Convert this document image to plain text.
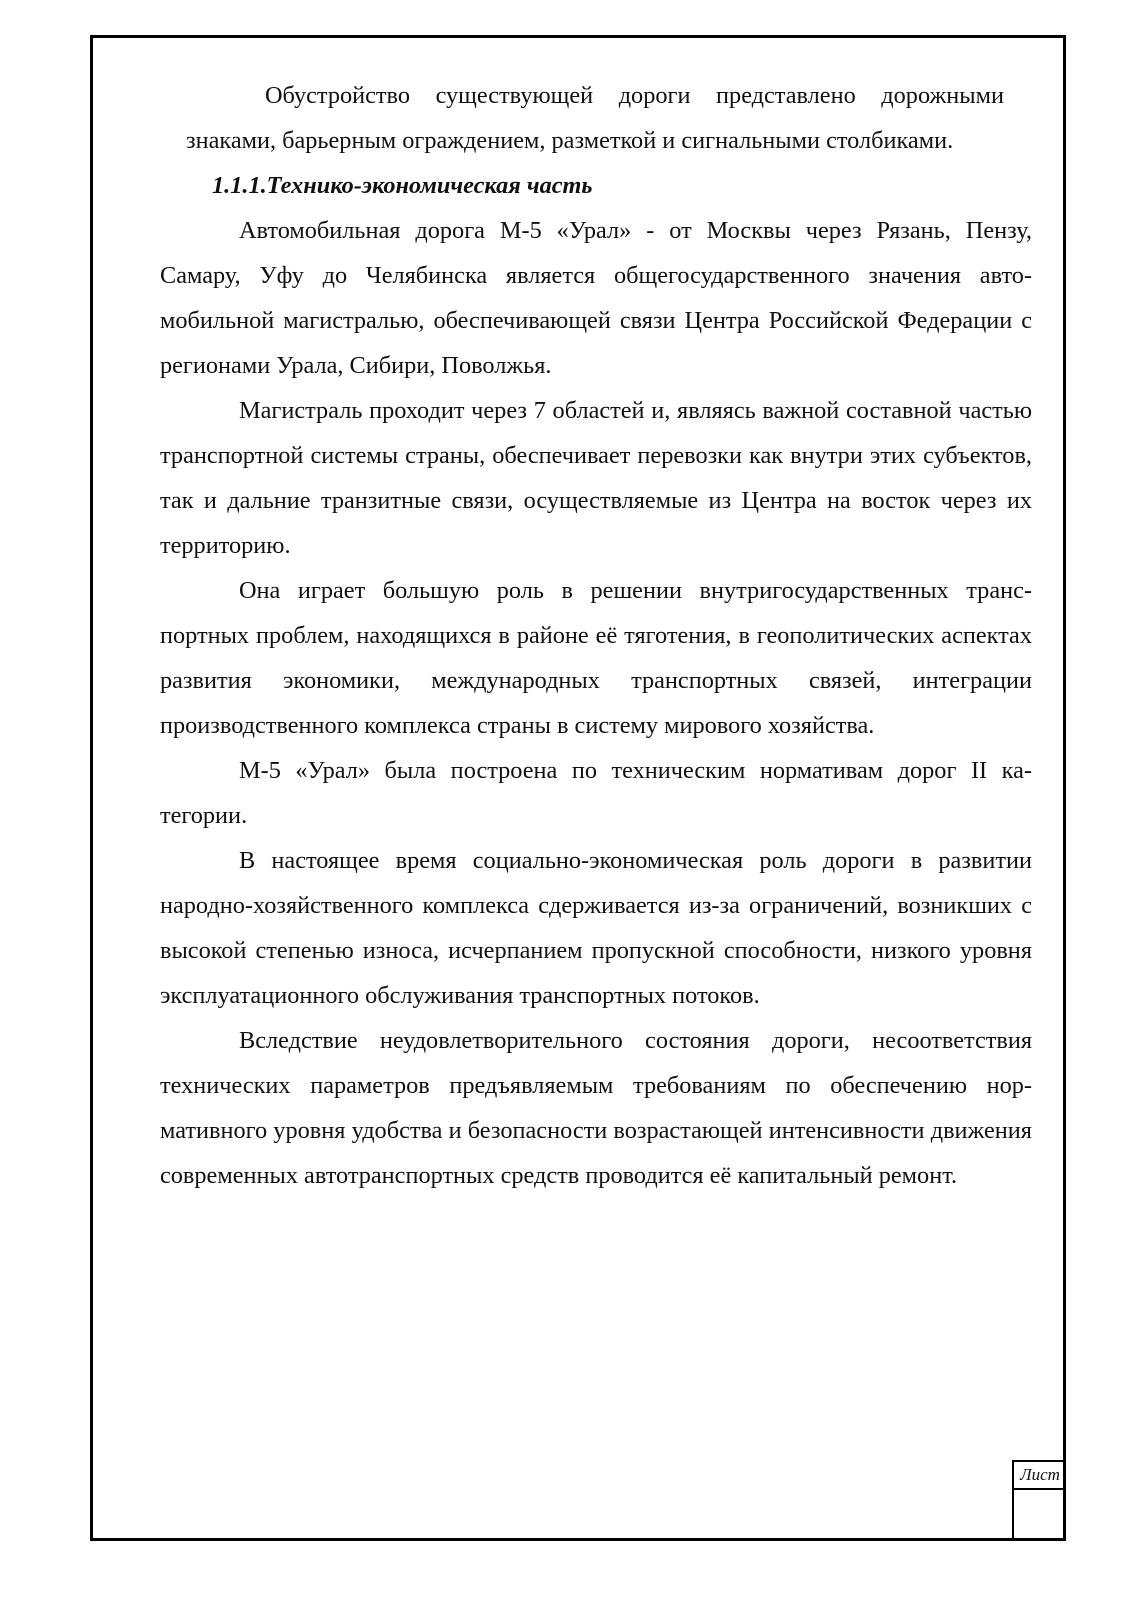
Обустройство существующей дороги представлено дорожными знаками, барьерным ограждением, разметкой и сигнальными столбиками.

1.1.1.Технико-экономическая часть

Автомобильная дорога М-5 «Урал» - от Москвы через Рязань, Пензу, Самару, Уфу до Челябинска является общегосударственного значения автомобильной магистралью, обеспечивающей связи Центра Российской Федерации с регионами Урала, Сибири, Поволжья.

Магистраль проходит через 7 областей и, являясь важной составной частью транспортной системы страны, обеспечивает перевозки как внутри этих субъектов, так и дальние транзитные связи, осуществляемые из Центра на восток через их территорию.

Она играет большую роль в решении внутригосударственных транспортных проблем, находящихся в районе её тяготения, в геополитических аспектах развития экономики, международных транспортных связей, интеграции производственного комплекса страны в систему мирового хозяйства.

М-5 «Урал» была построена по техническим нормативам дорог II категории.

В настоящее время социально-экономическая роль дороги в развитии народно-хозяйственного комплекса сдерживается из-за ограничений, возникших с высокой степенью износа, исчерпанием пропускной способности, низкого уровня эксплуатационного обслуживания транспортных потоков.

Вследствие неудовлетворительного состояния дороги, несоответствия технических параметров предъявляемым требованиям по обеспечению нормативного уровня удобства и безопасности возрастающей интенсивности движения современных автотранспортных средств проводится её капитальный ремонт.

Лист
